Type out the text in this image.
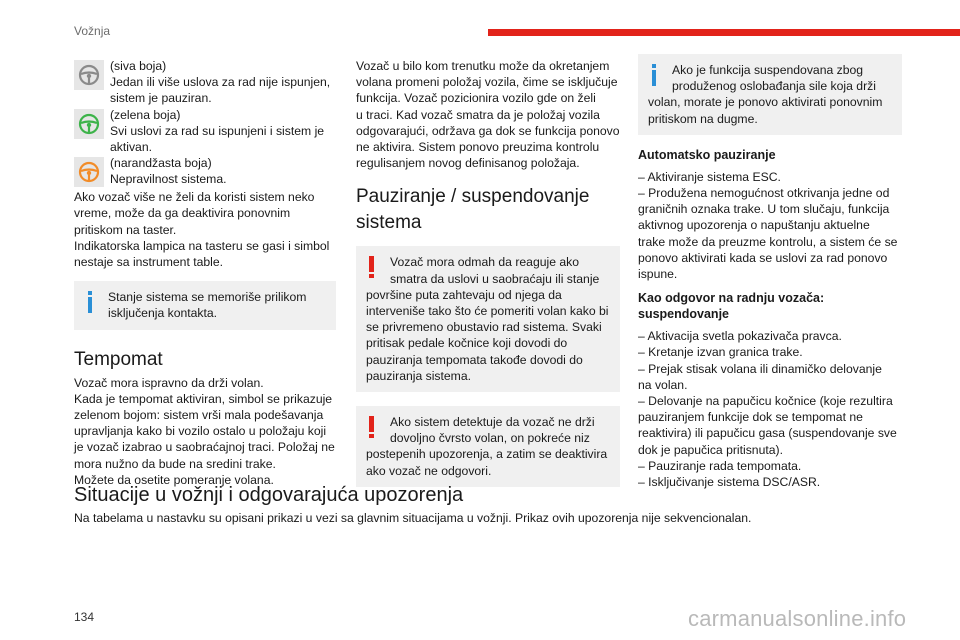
Vožnja

(siva boja)

Jedan ili više uslova za rad nije ispunjen,

sistem je pauziran.

(zelena boja)

Svi uslovi za rad su ispunjeni i sistem je

aktivan.

(narandžasta boja)

Nepravilnost sistema.

Ako vozač više ne želi da koristi sistem neko

vreme, može da ga deaktivira ponovnim

pritiskom na taster.

Indikatorska lampica na tasteru se gasi i simbol

nestaje sa instrument table.

Stanje sistema se memoriše prilikom

isključenja kontakta.

Tempomat

Vozač mora ispravno da drži volan.

Kada je tempomat aktiviran, simbol se prikazuje

zelenom bojom: sistem vrši mala podešavanja

upravljanja kako bi vozilo ostalo u položaju koji

je vozač izabrao u saobraćajnoj traci. Položaj ne

mora nužno da bude na sredini trake.

Možete da osetite pomeranje volana.

Vozač u bilo kom trenutku može da okretanjem

volana promeni položaj vozila, čime se isključuje

funkcija. Vozač pozicionira vozilo gde on želi

u traci. Kad vozač smatra da je položaj vozila

odgovarajući, održava ga dok se funkcija ponovo

ne aktivira. Sistem ponovo preuzima kontrolu

regulisanjem novog definisanog položaja.

Pauziranje / suspendovanje
sistema

Vozač mora odmah da reaguje ako

smatra da uslovi u saobraćaju ili stanje

površine puta zahtevaju od njega da

interveniše tako što će pomeriti volan kako bi

se privremeno obustavio rad sistema. Svaki

pritisak pedale kočnice koji dovodi do

pauziranja tempomata takođe dovodi do

pauziranja sistema.

Ako sistem detektuje da vozač ne drži

dovoljno čvrsto volan, on pokreće niz

postepenih upozorenja, a zatim se deaktivira

ako vozač ne odgovori.

Ako je funkcija suspendovana zbog

produženog oslobađanja sile koja drži

volan, morate je ponovo aktivirati ponovnim

pritiskom na dugme.

Automatsko pauziranje

– Aktiviranje sistema ESC.

– Produžena nemogućnost otkrivanja jedne od

graničnih oznaka trake. U tom slučaju, funkcija

aktivnog upozorenja o napuštanju aktuelne

trake može da preuzme kontrolu, a sistem će se

ponovo aktivirati kada se uslovi za rad ponovo

ispune.

Kao odgovor na radnju vozača:
suspendovanje

– Aktivacija svetla pokazivača pravca.

– Kretanje izvan granica trake.

– Prejak stisak volana ili dinamičko delovanje

na volan.

– Delovanje na papučicu kočnice (koje rezultira

pauziranjem funkcije dok se tempomat ne

reaktivira) ili papučicu gasa (suspendovanje sve

dok je papučica pritisnuta).

– Pauziranje rada tempomata.

– Isključivanje sistema DSC/ASR.

Situacije u vožnji i odgovarajuća upozorenja
Na tabelama u nastavku su opisani prikazi u vezi sa glavnim situacijama u vožnji. Prikaz ovih upozorenja nije sekvencionalan.
134	carmanualsonline.info
